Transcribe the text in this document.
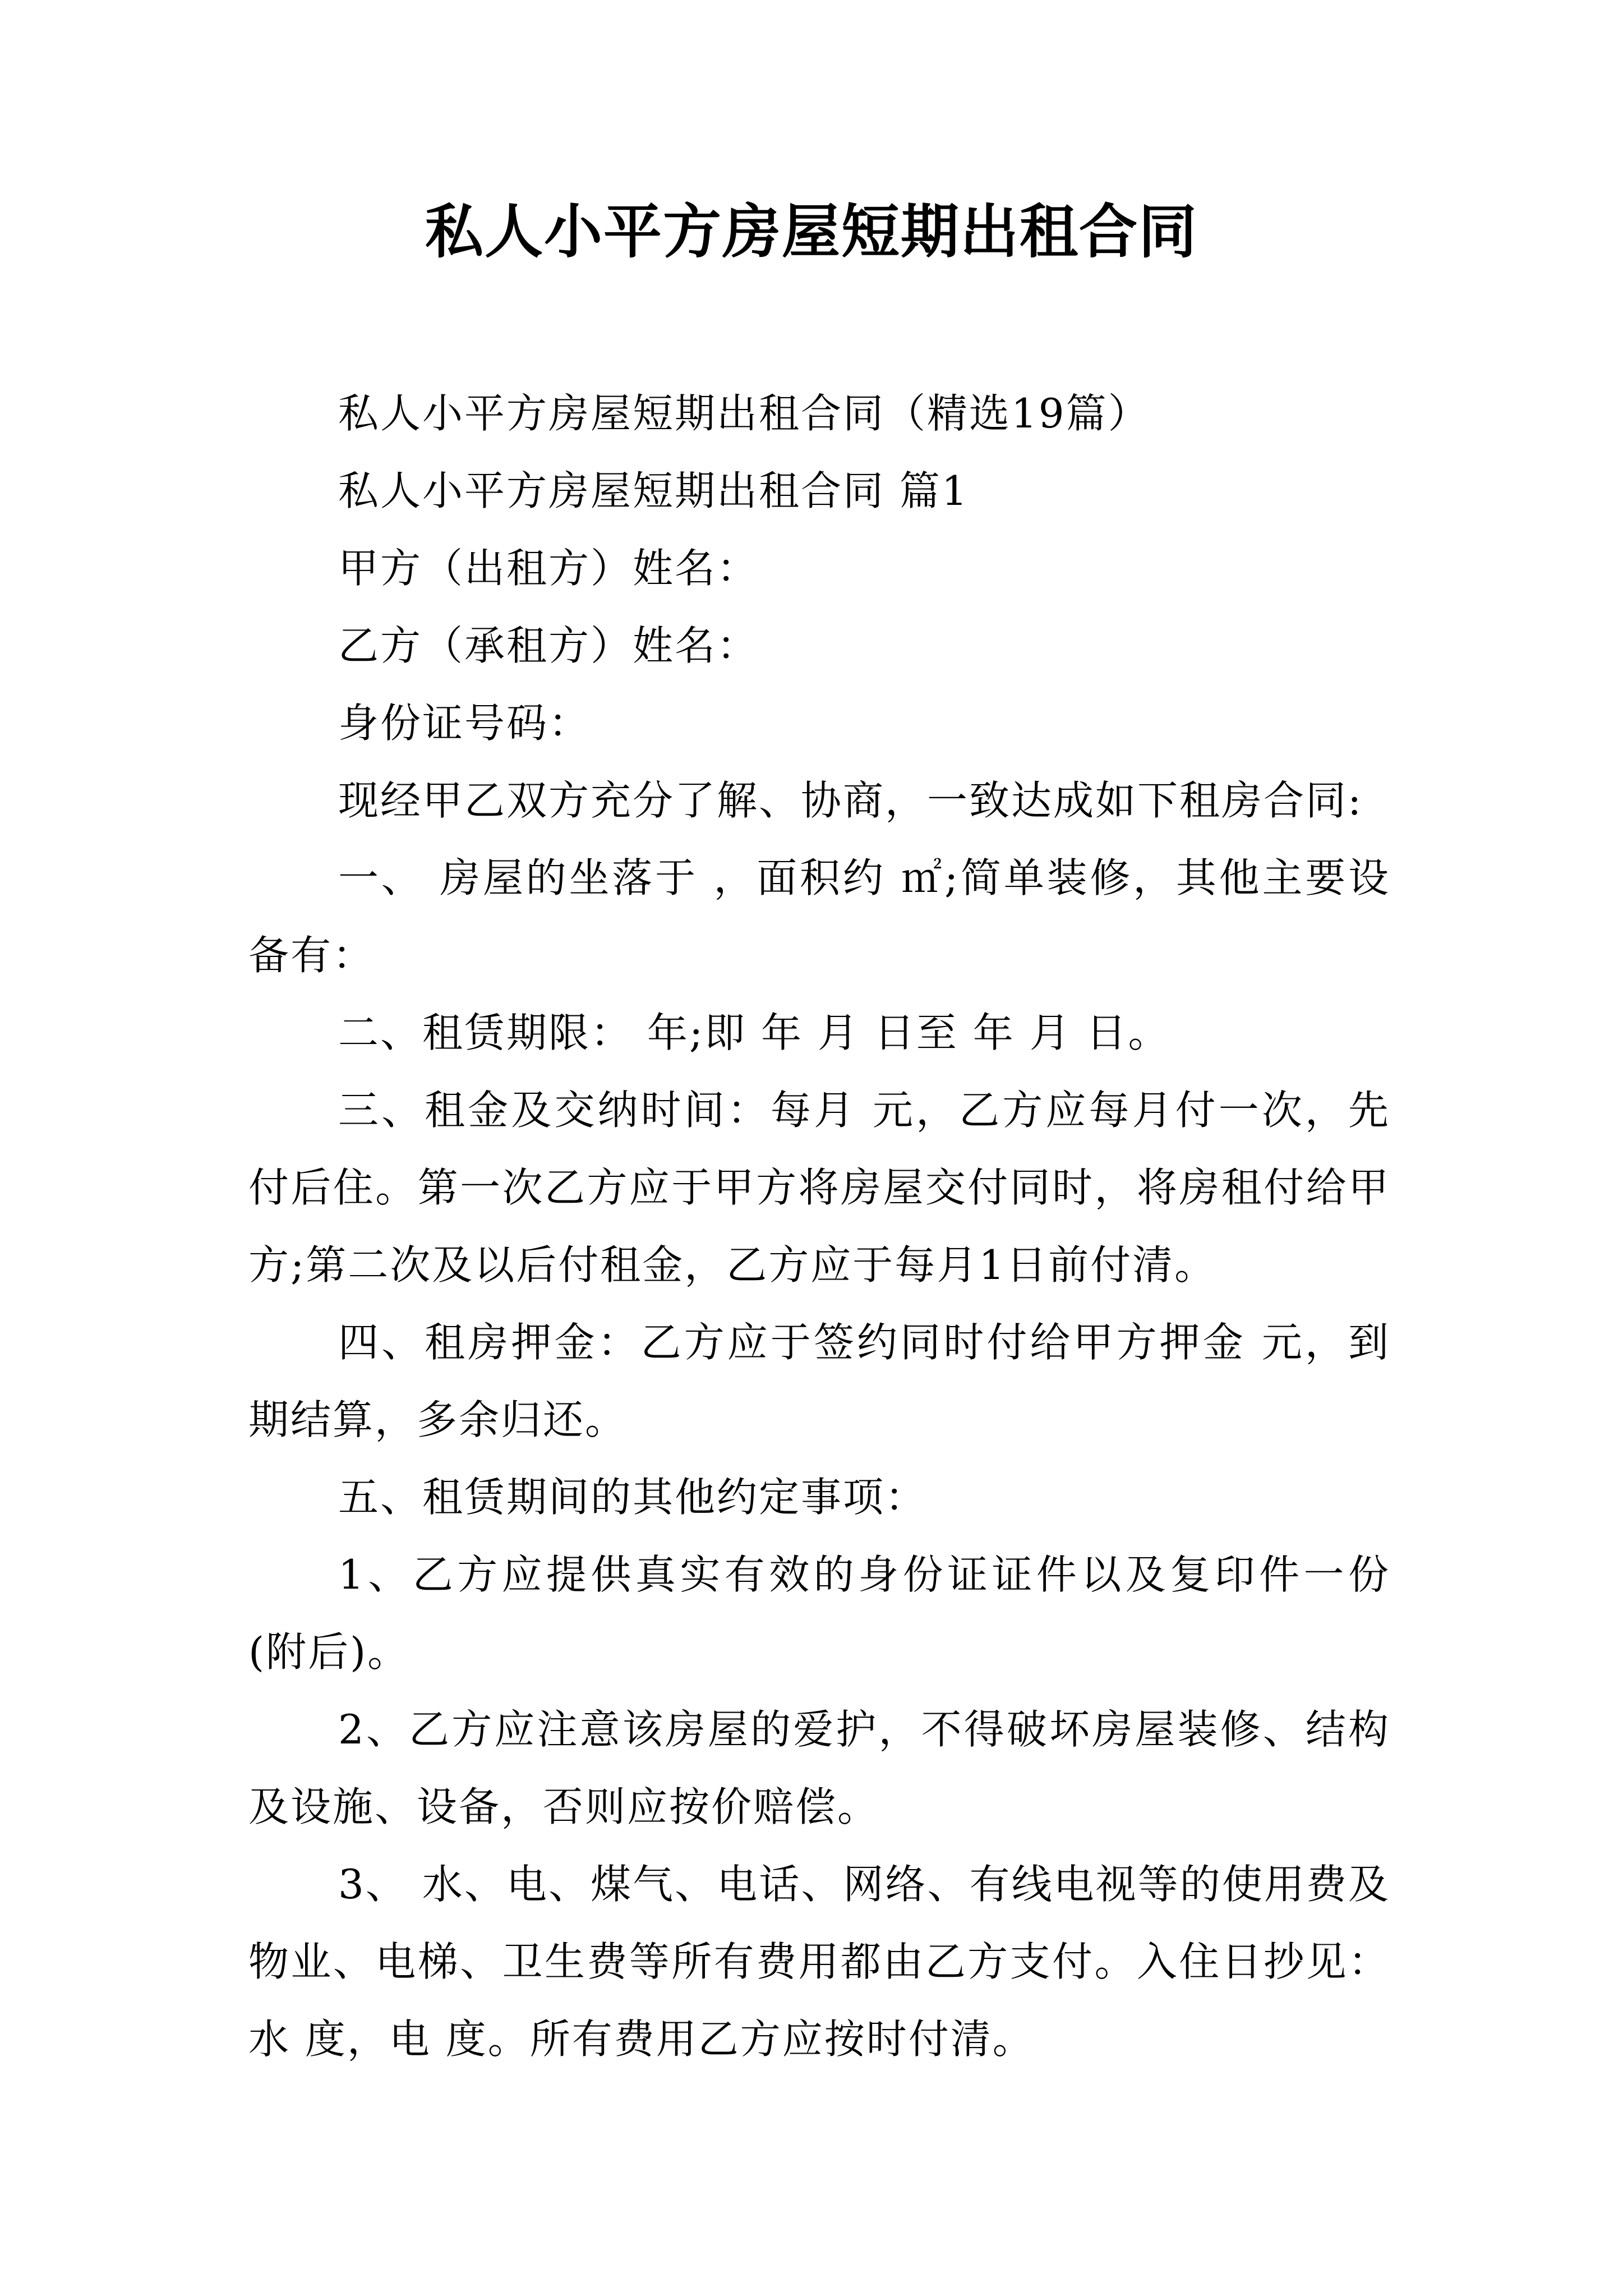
私人小平方房屋短期出租合同

私人小平方房屋短期出租合同（精选19篇）

私人小平方房屋短期出租合同 篇1

甲方（出租方）姓名：

乙方（承租方）姓名：

身份证号码：

现经甲乙双方充分了解、协商，一致达成如下租房合同:

一、 房屋的坐落于 ，面积约 ㎡;简单装修，其他主要设备有：

二、租赁期限： 年;即 年 月 日至 年 月 日。

三、租金及交纳时间：每月 元，乙方应每月付一次，先付后住。第一次乙方应于甲方将房屋交付同时，将房租付给甲方;第二次及以后付租金，乙方应于每月1日前付清。

四、租房押金：乙方应于签约同时付给甲方押金 元，到期结算，多余归还。

五、租赁期间的其他约定事项：

1、乙方应提供真实有效的身份证证件以及复印件一份(附后)。

2、乙方应注意该房屋的爱护，不得破坏房屋装修、结构及设施、设备，否则应按价赔偿。

3、 水、电、煤气、电话、网络、有线电视等的使用费及物业、电梯、卫生费等所有费用都由乙方支付。入住日抄见：水 度，电 度。所有费用乙方应按时付清。
